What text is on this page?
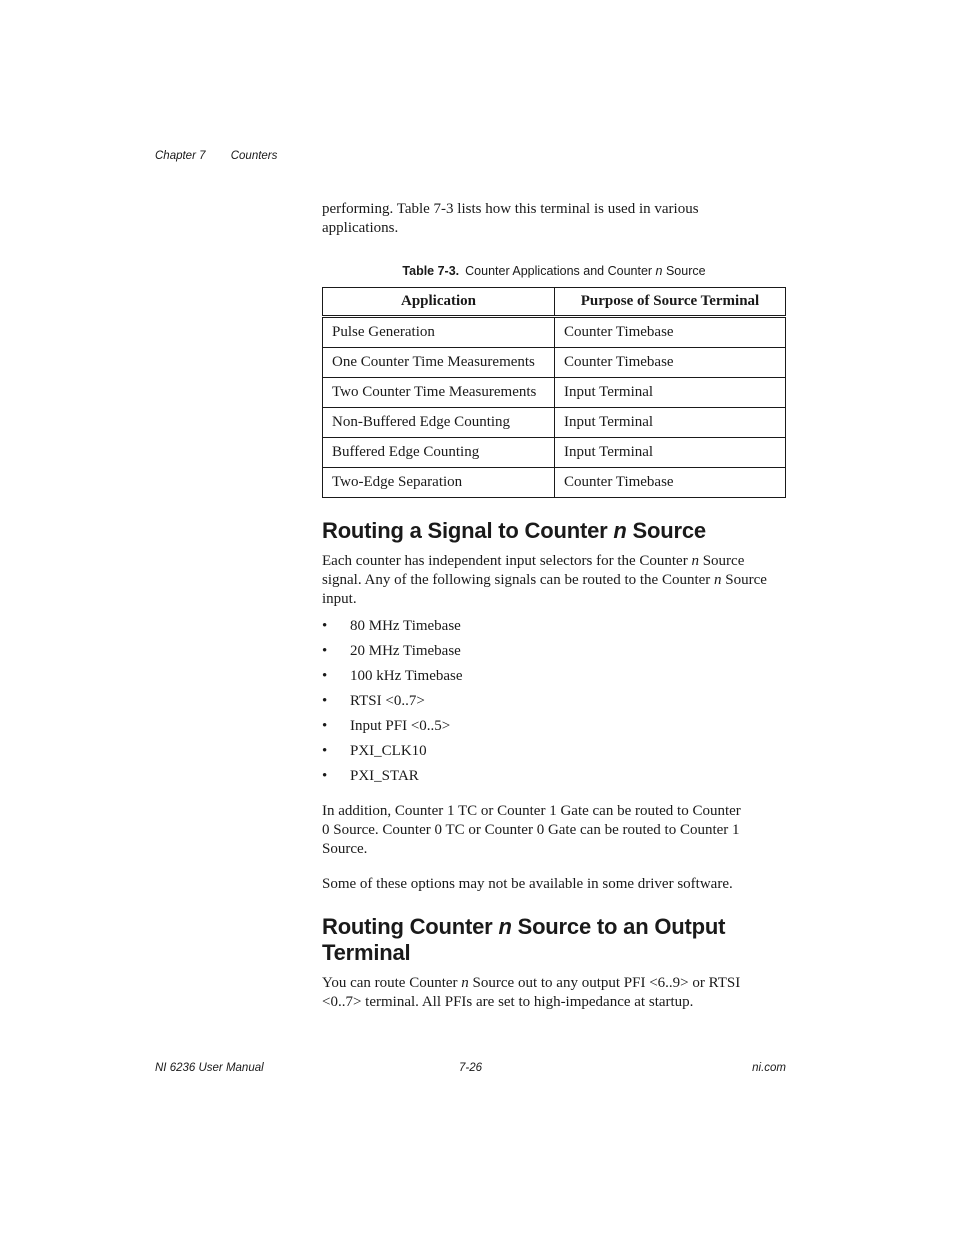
Chapter 7 Counters

performing. Table 7-3 lists how this terminal is used in various applications.

Table 7-3. Counter Applications and Counter n Source
Application	Purpose of Source Terminal
Pulse Generation	Counter Timebase
One Counter Time Measurements	Counter Timebase
Two Counter Time Measurements	Input Terminal
Non-Buffered Edge Counting	Input Terminal
Buffered Edge Counting	Input Terminal
Two-Edge Separation	Counter Timebase
Routing a Signal to Counter n Source

Each counter has independent input selectors for the Counter n Source signal. Any of the following signals can be routed to the Counter n Source input.

• 80 MHz Timebase
• 20 MHz Timebase
• 100 kHz Timebase
• RTSI <0..7>
• Input PFI <0..5>
• PXI_CLK10
• PXI_STAR

In addition, Counter 1 TC or Counter 1 Gate can be routed to Counter 0 Source. Counter 0 TC or Counter 0 Gate can be routed to Counter 1 Source.

Some of these options may not be available in some driver software.

Routing Counter n Source to an Output Terminal

You can route Counter n Source out to any output PFI <6..9> or RTSI <0..7> terminal. All PFIs are set to high-impedance at startup.

NI 6236 User Manual	7-26	ni.com
